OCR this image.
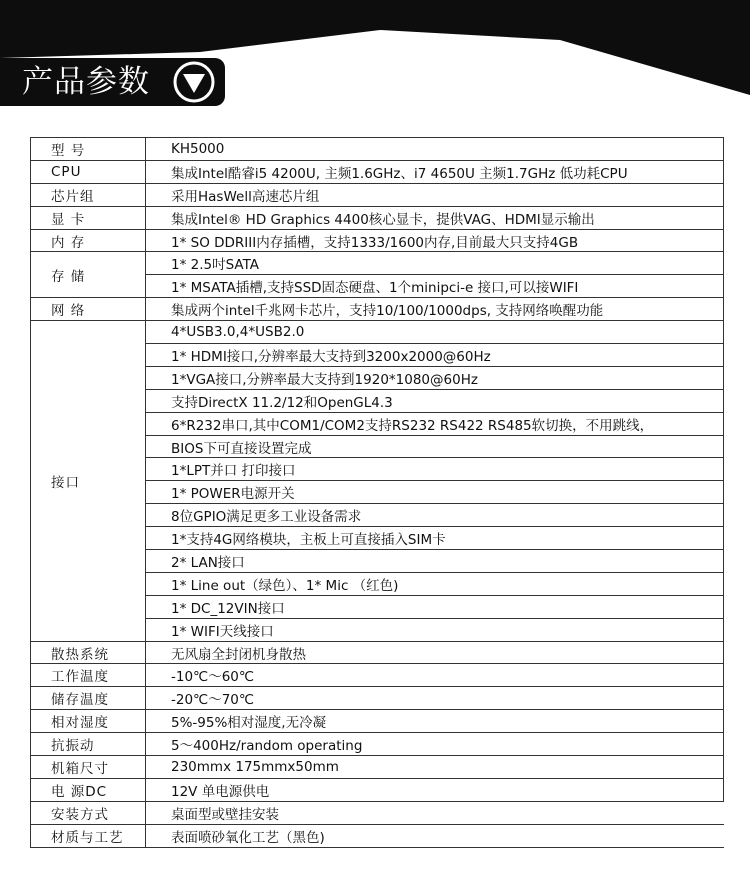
产品参数
型 号	KH5000
CPU	集成Intel酷睿i5 4200U, 主频1.6GHz、i7 4650U 主频1.7GHz 低功耗CPU
芯片组	采用HasWell高速芯片组
显 卡	集成Intel® HD Graphics 4400核心显卡，提供VAG、HDMI显示输出
内 存	1* SO DDRIII内存插槽，支持1333/1600内存,目前最大只支持4GB
存 储	1* 2.5吋SATA
	1* MSATA插槽,支持SSD固态硬盘、1个minipci-e 接口,可以接WIFI
网 络	集成两个intel千兆网卡芯片，支持10/100/1000dps, 支持网络唤醒功能
接口	4*USB3.0,4*USB2.0
	1* HDMI接口,分辨率最大支持到3200x2000@60Hz
	1*VGA接口,分辨率最大支持到1920*1080@60Hz
	支持DirectX 11.2/12和OpenGL4.3
	6*R232串口,其中COM1/COM2支持RS232 RS422 RS485软切换，不用跳线，
	BIOS下可直接设置完成
	1*LPT并口 打印接口
	1* POWER电源开关
	8位GPIO满足更多工业设备需求
	1*支持4G网络模块，主板上可直接插入SIM卡
	2* LAN接口
	1* Line out（绿色）、1* Mic （红色)
	1* DC_12VIN接口
	1* WIFI天线接口
散热系统	无风扇全封闭机身散热
工作温度	-10℃～60℃
储存温度	-20℃～70℃
相对湿度	5%-95%相对湿度,无冷凝
抗振动	5～400Hz/random operating
机箱尺寸	230mmx 175mmx50mm
电 源DC	12V 单电源供电
安装方式	桌面型或壁挂安装
材质与工艺	表面喷砂氧化工艺（黑色)
